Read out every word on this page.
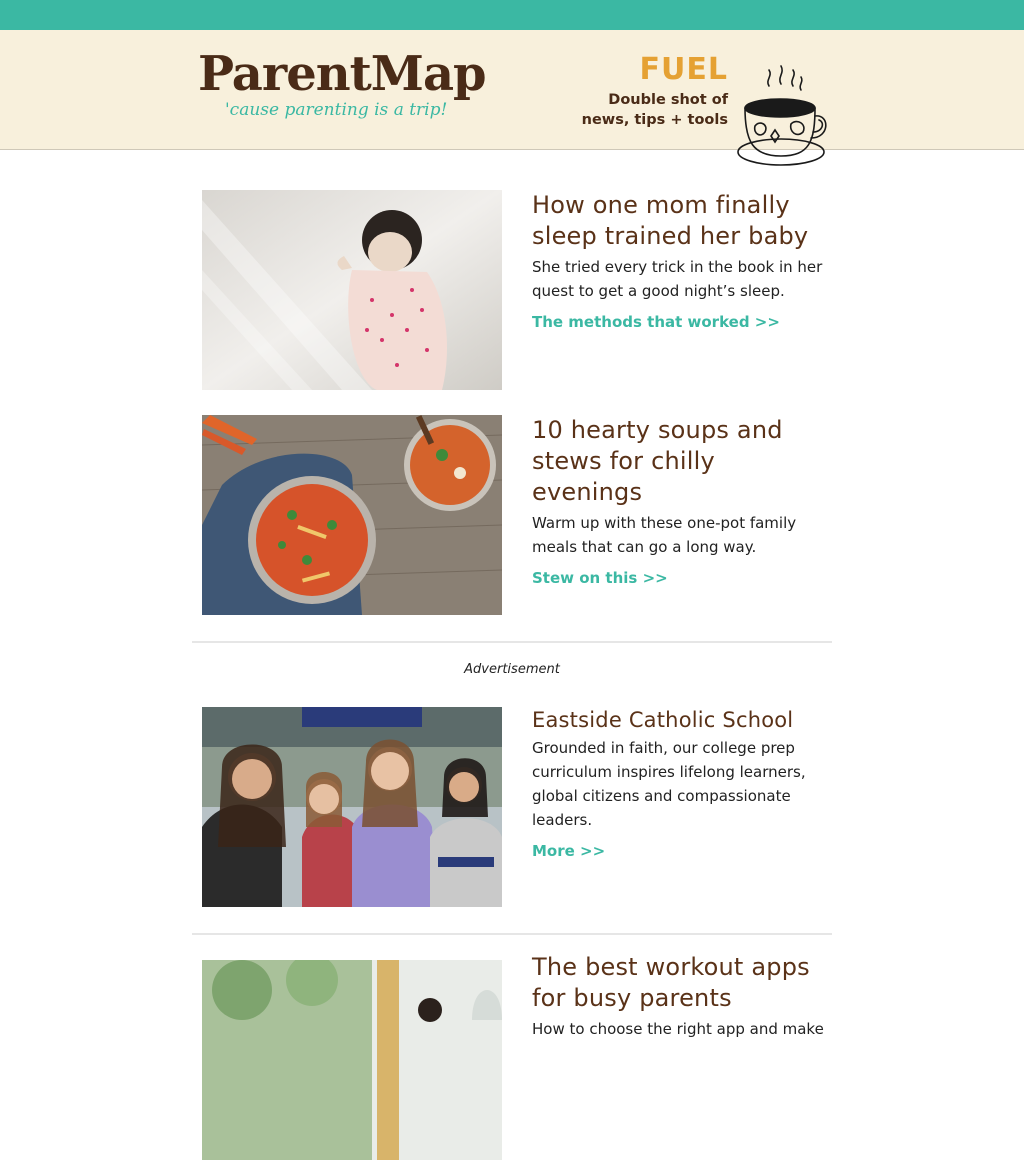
ParentMap
'cause parenting is a trip!
FUEL
Double shot of
news, tips + tools
How one mom finally sleep trained her baby

She tried every trick in the book in her quest to get a good night’s sleep.

The methods that worked >>
10 hearty soups and stews for chilly evenings

Warm up with these one-pot family meals that can go a long way.

Stew on this >>
Advertisement
Eastside Catholic School

Grounded in faith, our college prep curriculum inspires lifelong learners, global citizens and compassionate leaders.

More >>
The best workout apps for busy parents

How to choose the right app and make
